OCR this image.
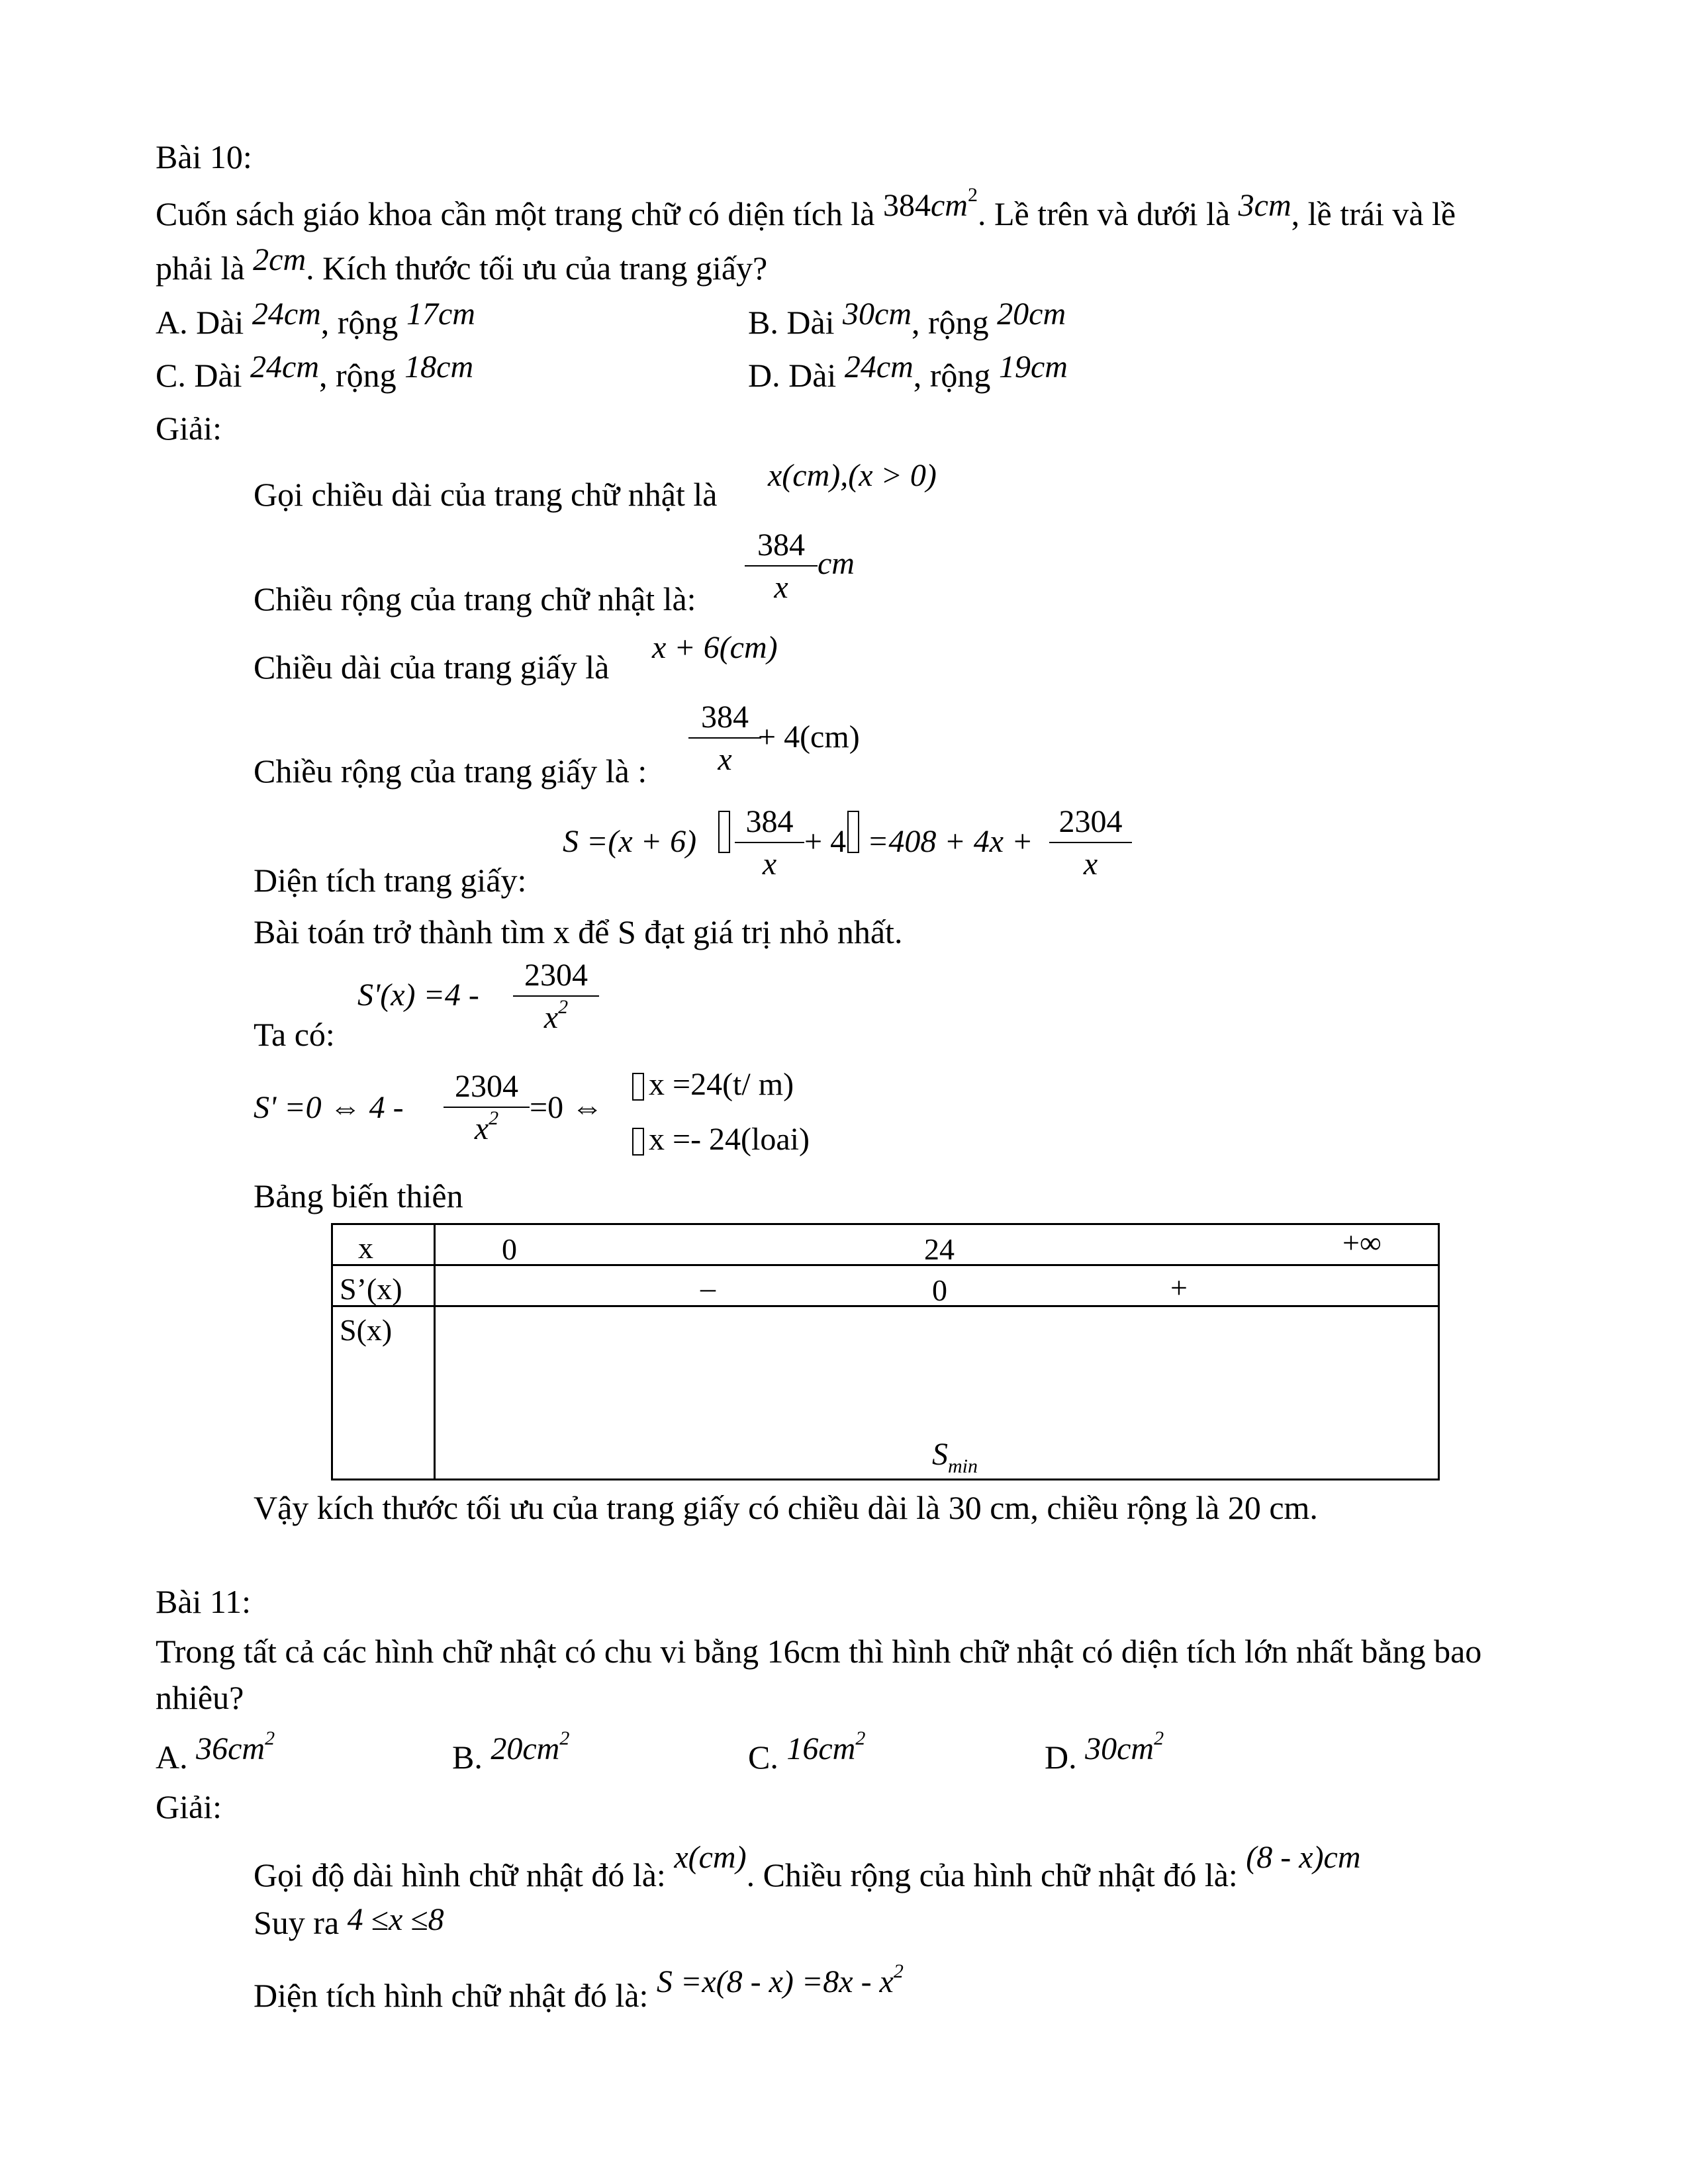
Bài 10:
Cuốn sách giáo khoa cần một trang chữ có diện tích là $384cm^2$. Lề trên và dưới là 3cm, lề trái và lề
phải là 2cm. Kích thước tối ưu của trang giấy?
A. Dài 24cm, rộng 17cm	B. Dài 30cm, rộng 20cm
C. Dài 24cm, rộng 18cm	D. Dài 24cm, rộng 19cm
Giải:
Gọi chiều dài của trang chữ nhật là
x(cm),(x > 0)
Chiều rộng của trang chữ nhật là: $\frac{384}{x}$ cm
Chiều dài của trang giấy là
x + 6(cm)
Chiều rộng của trang giấy là : $\frac{384}{x}$
+ 4(cm)
$S =(x + 6) \frac{384}{x} + 4 =408 + 4x + \frac{2304}{x}$
Diện tích trang giấy:
Bài toán trở thành tìm x để S đạt giá trị nhỏ nhất.
$S'(x) =4 - \frac{2304}{x^2}$
Ta có:
S' =0 ⇔ $4 - \frac{2304}{x^2} =0$ ⇔
x =24(t/ m)
x =- 24(loai)
Bảng biến thiên
x	0 24 +∞

S’(x)	– 0 +

S(x)	$S_{min}$
Vậy kích thước tối ưu của trang giấy có chiều dài là 30 cm, chiều rộng là 20 cm.
Bài 11:
Trong tất cả các hình chữ nhật có chu vi bằng 16cm thì hình chữ nhật có diện tích lớn nhất bằng bao
nhiêu?
A. $36cm^2$
B. $20cm^2$
C. $16cm^2$
D. $30cm^2$
Giải:
Gọi độ dài hình chữ nhật đó là: x(cm). Chiều rộng của hình chữ nhật đó là: (8 - x)cm
Suy ra 4 ≤x ≤8
Diện tích hình chữ nhật đó là: $S =x(8 - x) =8x - x^2$
